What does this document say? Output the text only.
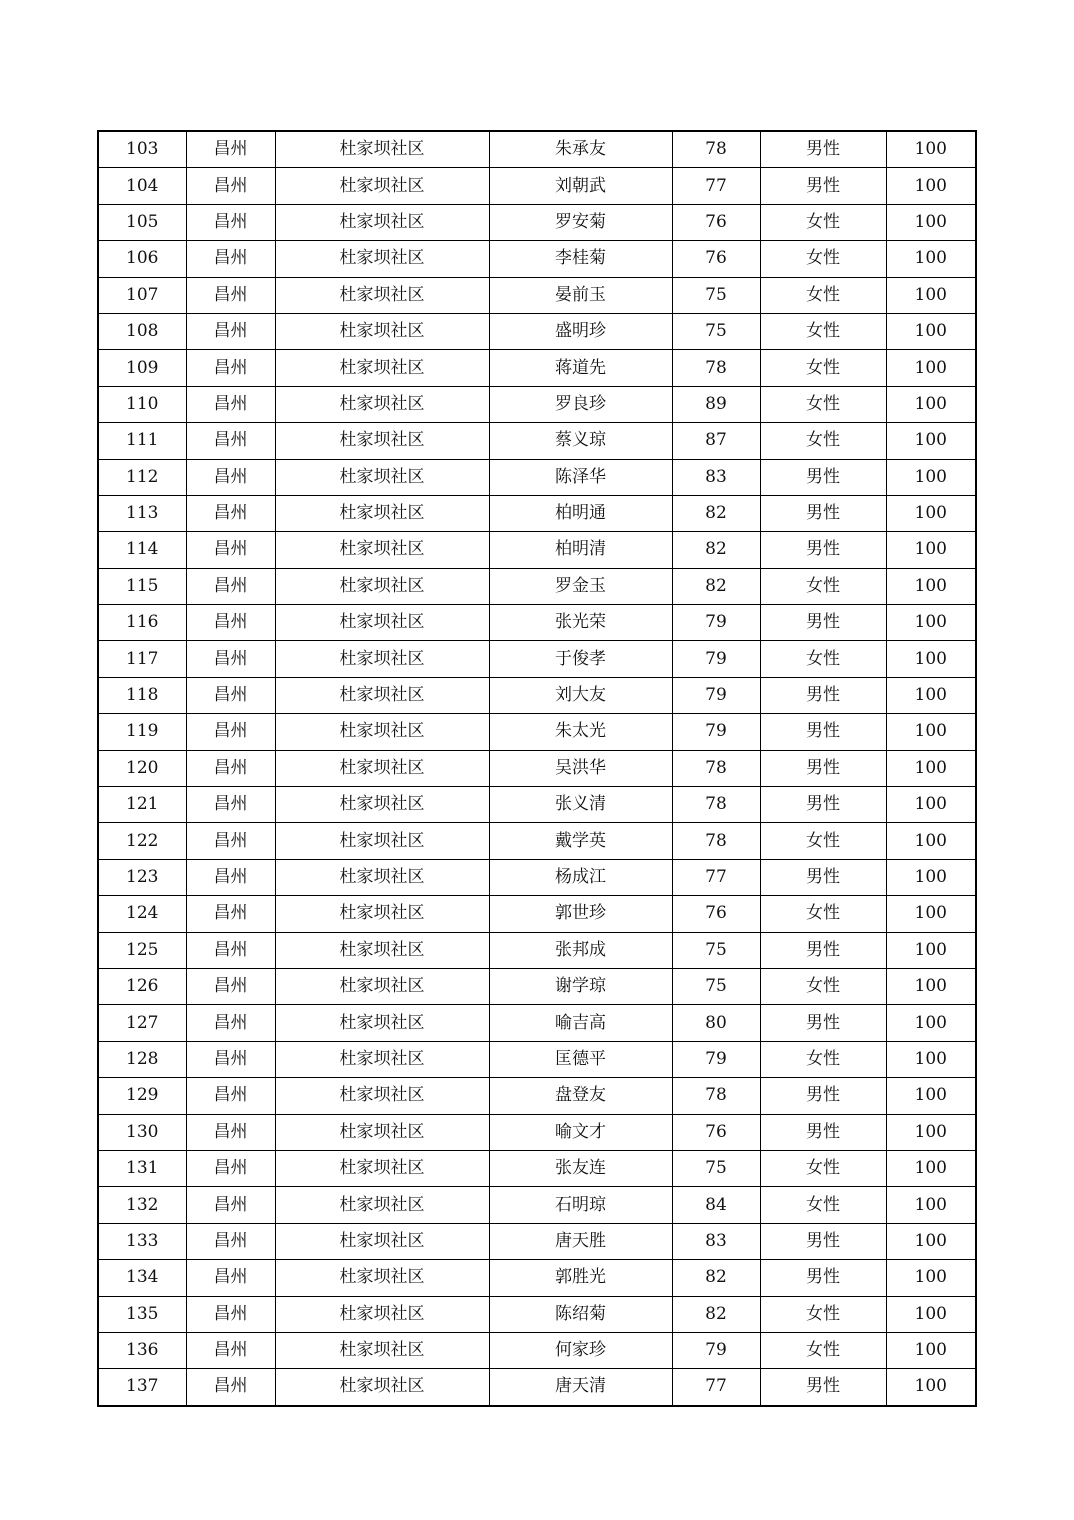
103	昌州	杜家坝社区	朱承友	78	男性	100
104	昌州	杜家坝社区	刘朝武	77	男性	100
105	昌州	杜家坝社区	罗安菊	76	女性	100
106	昌州	杜家坝社区	李桂菊	76	女性	100
107	昌州	杜家坝社区	晏前玉	75	女性	100
108	昌州	杜家坝社区	盛明珍	75	女性	100
109	昌州	杜家坝社区	蒋道先	78	女性	100
110	昌州	杜家坝社区	罗良珍	89	女性	100
111	昌州	杜家坝社区	蔡义琼	87	女性	100
112	昌州	杜家坝社区	陈泽华	83	男性	100
113	昌州	杜家坝社区	柏明通	82	男性	100
114	昌州	杜家坝社区	柏明清	82	男性	100
115	昌州	杜家坝社区	罗金玉	82	女性	100
116	昌州	杜家坝社区	张光荣	79	男性	100
117	昌州	杜家坝社区	于俊孝	79	女性	100
118	昌州	杜家坝社区	刘大友	79	男性	100
119	昌州	杜家坝社区	朱太光	79	男性	100
120	昌州	杜家坝社区	吴洪华	78	男性	100
121	昌州	杜家坝社区	张义清	78	男性	100
122	昌州	杜家坝社区	戴学英	78	女性	100
123	昌州	杜家坝社区	杨成江	77	男性	100
124	昌州	杜家坝社区	郭世珍	76	女性	100
125	昌州	杜家坝社区	张邦成	75	男性	100
126	昌州	杜家坝社区	谢学琼	75	女性	100
127	昌州	杜家坝社区	喻吉高	80	男性	100
128	昌州	杜家坝社区	匡德平	79	女性	100
129	昌州	杜家坝社区	盘登友	78	男性	100
130	昌州	杜家坝社区	喻文才	76	男性	100
131	昌州	杜家坝社区	张友连	75	女性	100
132	昌州	杜家坝社区	石明琼	84	女性	100
133	昌州	杜家坝社区	唐天胜	83	男性	100
134	昌州	杜家坝社区	郭胜光	82	男性	100
135	昌州	杜家坝社区	陈绍菊	82	女性	100
136	昌州	杜家坝社区	何家珍	79	女性	100
137	昌州	杜家坝社区	唐天清	77	男性	100
